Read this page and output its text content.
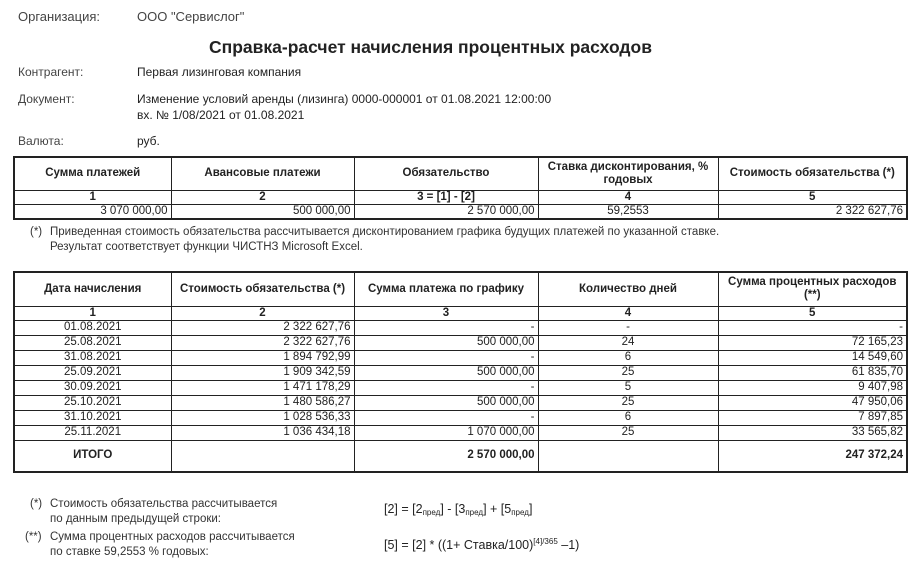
Организация:	ООО "Сервислог"
Справка-расчет начисления процентных расходов
Контрагент:	Первая лизинговая компания
Документ:	Изменение условий аренды (лизинга) 0000-000001 от 01.08.2021 12:00:00
вх. № 1/08/2021 от 01.08.2021
Валюта:	руб.
Сумма платежей	Авансовые платежи	Обязательство	Ставка дисконтирования, % годовых	Стоимость обязательства (*)
1	2	3 = [1] - [2]	4	5
3 070 000,00	500 000,00	2 570 000,00	59,2553	2 322 627,76
(*) Приведенная стоимость обязательства рассчитывается дисконтированием графика будущих платежей по указанной ставке.
Результат соответствует функции ЧИСТНЗ Microsoft Excel.
Дата начисления	Стоимость обязательства (*)	Сумма платежа по графику	Количество дней	Сумма процентных расходов (**)
1	2	3	4	5
01.08.2021	2 322 627,76	-	-	-
25.08.2021	2 322 627,76	500 000,00	24	72 165,23
31.08.2021	1 894 792,99	-	6	14 549,60
25.09.2021	1 909 342,59	500 000,00	25	61 835,70
30.09.2021	1 471 178,29	-	5	9 407,98
25.10.2021	1 480 586,27	500 000,00	25	47 950,06
31.10.2021	1 028 536,33	-	6	7 897,85
25.11.2021	1 036 434,18	1 070 000,00	25	33 565,82
ИТОГО		2 570 000,00		247 372,24
(*) Стоимость обязательства рассчитывается
по данным предыдущей строки:
(**) Сумма процентных расходов рассчитывается
по ставке 59,2553 % годовых:
$[2] = [2_{пред}] - [3_{пред}] + [5_{пред}]$
[5] = [2] * ((1+ Ставка/100)$^{[4]/365}$ –1)
